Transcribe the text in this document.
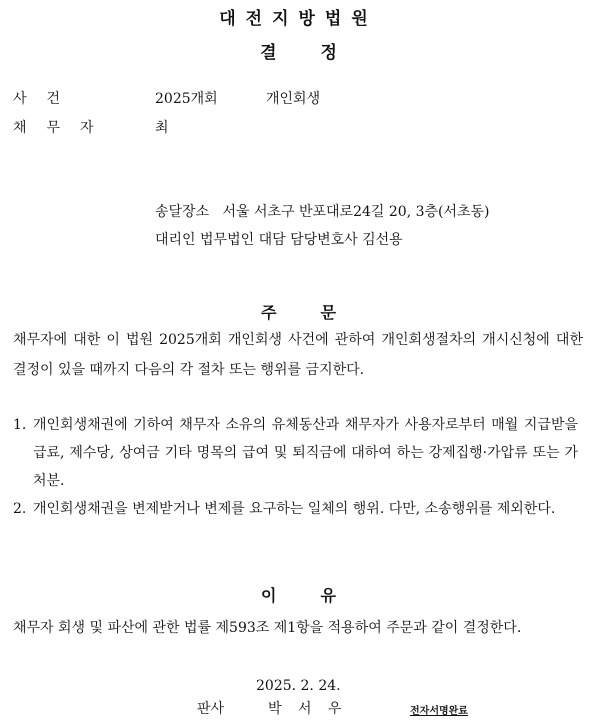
대전지방법원
결정
사건	2025개회	개인회생
채무자	최
송달장소 서울 서초구 반포대로24길 20, 3층(서초동)
대리인 법무법인 대담 담당변호사 김선용
주문
채무자에 대한 이 법원 2025개회 개인회생 사건에 관하여 개인회생절차의 개시신청에 대한 결정이 있을 때까지 다음의 각 절차 또는 행위를 금지한다.
1. 개인회생채권에 기하여 채무자 소유의 유체동산과 채무자가 사용자로부터 매월 지급받을 급료, 제수당, 상여금 기타 명목의 급여 및 퇴직금에 대하여 하는 강제집행·가압류 또는 가처분.
2. 개인회생채권을 변제받거나 변제를 요구하는 일체의 행위. 다만, 소송행위를 제외한다.
이유
채무자 회생 및 파산에 관한 법률 제593조 제1항을 적용하여 주문과 같이 결정한다.
2025. 2. 24.
판사	박 서 우	전자서명완료
